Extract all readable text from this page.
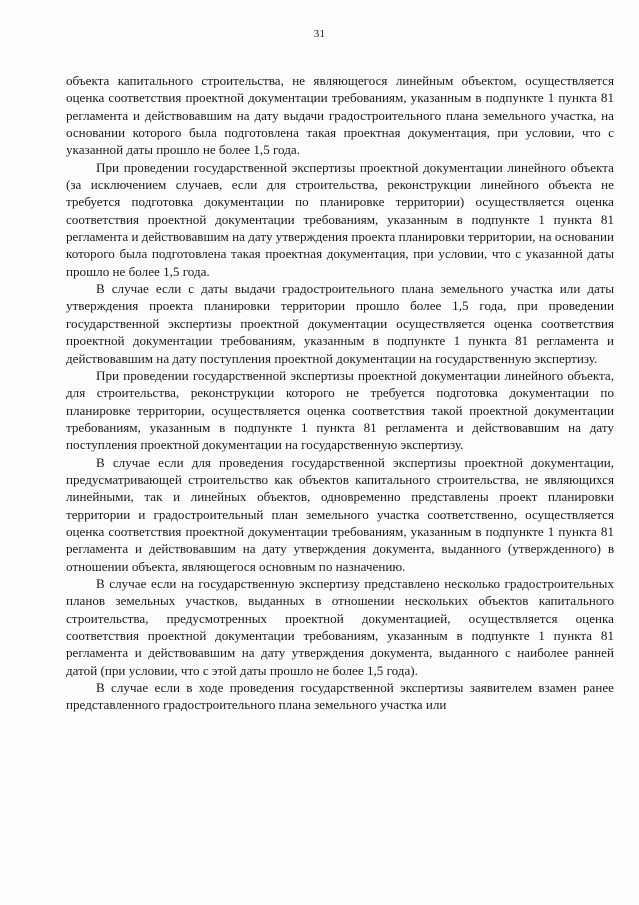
31

объекта капитального строительства, не являющегося линейным объектом, осуществляется оценка соответствия проектной документации требованиям, указанным в подпункте 1 пункта 81 регламента и действовавшим на дату выдачи градостроительного плана земельного участка, на основании которого была подготовлена такая проектная документация, при условии, что с указанной даты прошло не более 1,5 года.

При проведении государственной экспертизы проектной документации линейного объекта (за исключением случаев, если для строительства, реконструкции линейного объекта не требуется подготовка документации по планировке территории) осуществляется оценка соответствия проектной документации требованиям, указанным в подпункте 1 пункта 81 регламента и действовавшим на дату утверждения проекта планировки территории, на основании которого была подготовлена такая проектная документация, при условии, что с указанной даты прошло не более 1,5 года.

В случае если с даты выдачи градостроительного плана земельного участка или даты утверждения проекта планировки территории прошло более 1,5 года, при проведении государственной экспертизы проектной документации осуществляется оценка соответствия проектной документации требованиям, указанным в подпункте 1 пункта 81 регламента и действовавшим на дату поступления проектной документации на государственную экспертизу.

При проведении государственной экспертизы проектной документации линейного объекта, для строительства, реконструкции которого не требуется подготовка документации по планировке территории, осуществляется оценка соответствия такой проектной документации требованиям, указанным в подпункте 1 пункта 81 регламента и действовавшим на дату поступления проектной документации на государственную экспертизу.

В случае если для проведения государственной экспертизы проектной документации, предусматривающей строительство как объектов капитального строительства, не являющихся линейными, так и линейных объектов, одновременно представлены проект планировки территории и градостроительный план земельного участка соответственно, осуществляется оценка соответствия проектной документации требованиям, указанным в подпункте 1 пункта 81 регламента и действовавшим на дату утверждения документа, выданного (утвержденного) в отношении объекта, являющегося основным по назначению.

В случае если на государственную экспертизу представлено несколько градостроительных планов земельных участков, выданных в отношении нескольких объектов капитального строительства, предусмотренных проектной документацией, осуществляется оценка соответствия проектной документации требованиям, указанным в подпункте 1 пункта 81 регламента и действовавшим на дату утверждения документа, выданного с наиболее ранней датой (при условии, что с этой даты прошло не более 1,5 года).

В случае если в ходе проведения государственной экспертизы заявителем взамен ранее представленного градостроительного плана земельного участка или
